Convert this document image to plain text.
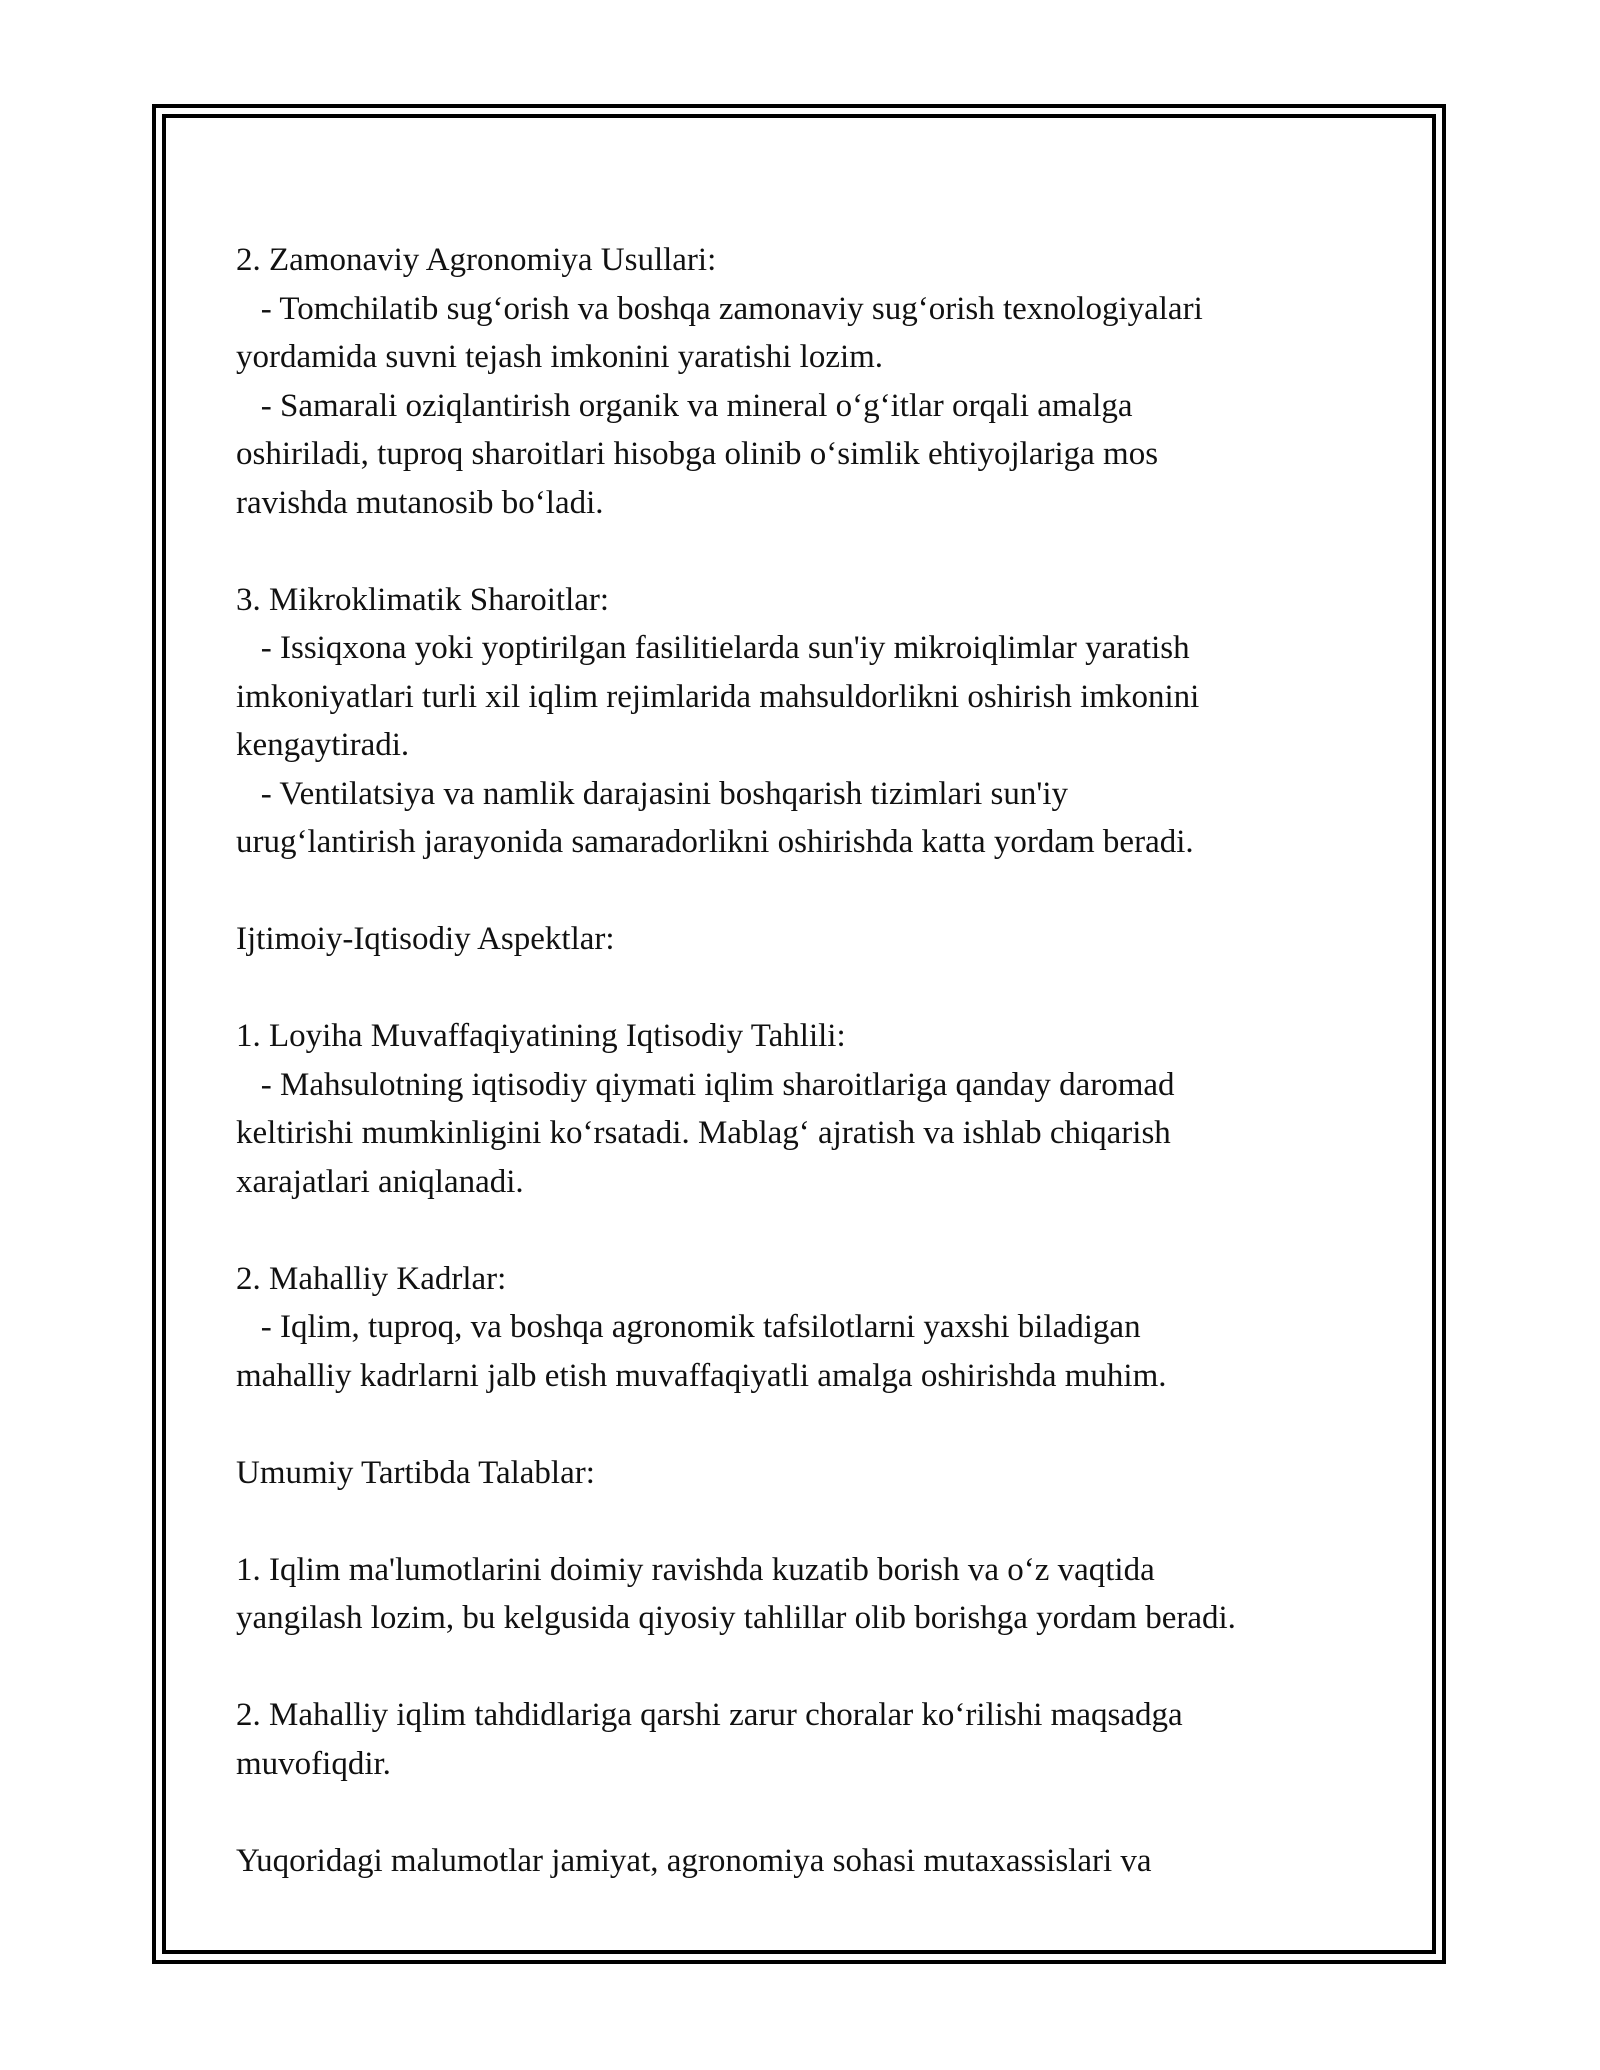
2. Zamonaviy Agronomiya Usullari:
- Tomchilatib sug‘orish va boshqa zamonaviy sug‘orish texnologiyalari
yordamida suvni tejash imkonini yaratishi lozim.
- Samarali oziqlantirish organik va mineral o‘g‘itlar orqali amalga
oshiriladi, tuproq sharoitlari hisobga olinib o‘simlik ehtiyojlariga mos
ravishda mutanosib bo‘ladi.
3. Mikroklimatik Sharoitlar:
- Issiqxona yoki yoptirilgan fasilitielarda sun'iy mikroiqlimlar yaratish
imkoniyatlari turli xil iqlim rejimlarida mahsuldorlikni oshirish imkonini
kengaytiradi.
- Ventilatsiya va namlik darajasini boshqarish tizimlari sun'iy
urug‘lantirish jarayonida samaradorlikni oshirishda katta yordam beradi.
Ijtimoiy-Iqtisodiy Aspektlar:
1. Loyiha Muvaffaqiyatining Iqtisodiy Tahlili:
- Mahsulotning iqtisodiy qiymati iqlim sharoitlariga qanday daromad
keltirishi mumkinligini ko‘rsatadi. Mablag‘ ajratish va ishlab chiqarish
xarajatlari aniqlanadi.
2. Mahalliy Kadrlar:
- Iqlim, tuproq, va boshqa agronomik tafsilotlarni yaxshi biladigan
mahalliy kadrlarni jalb etish muvaffaqiyatli amalga oshirishda muhim.
Umumiy Tartibda Talablar:
1. Iqlim ma'lumotlarini doimiy ravishda kuzatib borish va o‘z vaqtida
yangilash lozim, bu kelgusida qiyosiy tahlillar olib borishga yordam beradi.
2. Mahalliy iqlim tahdidlariga qarshi zarur choralar ko‘rilishi maqsadga
muvofiqdir.
Yuqoridagi malumotlar jamiyat, agronomiya sohasi mutaxassislari va
